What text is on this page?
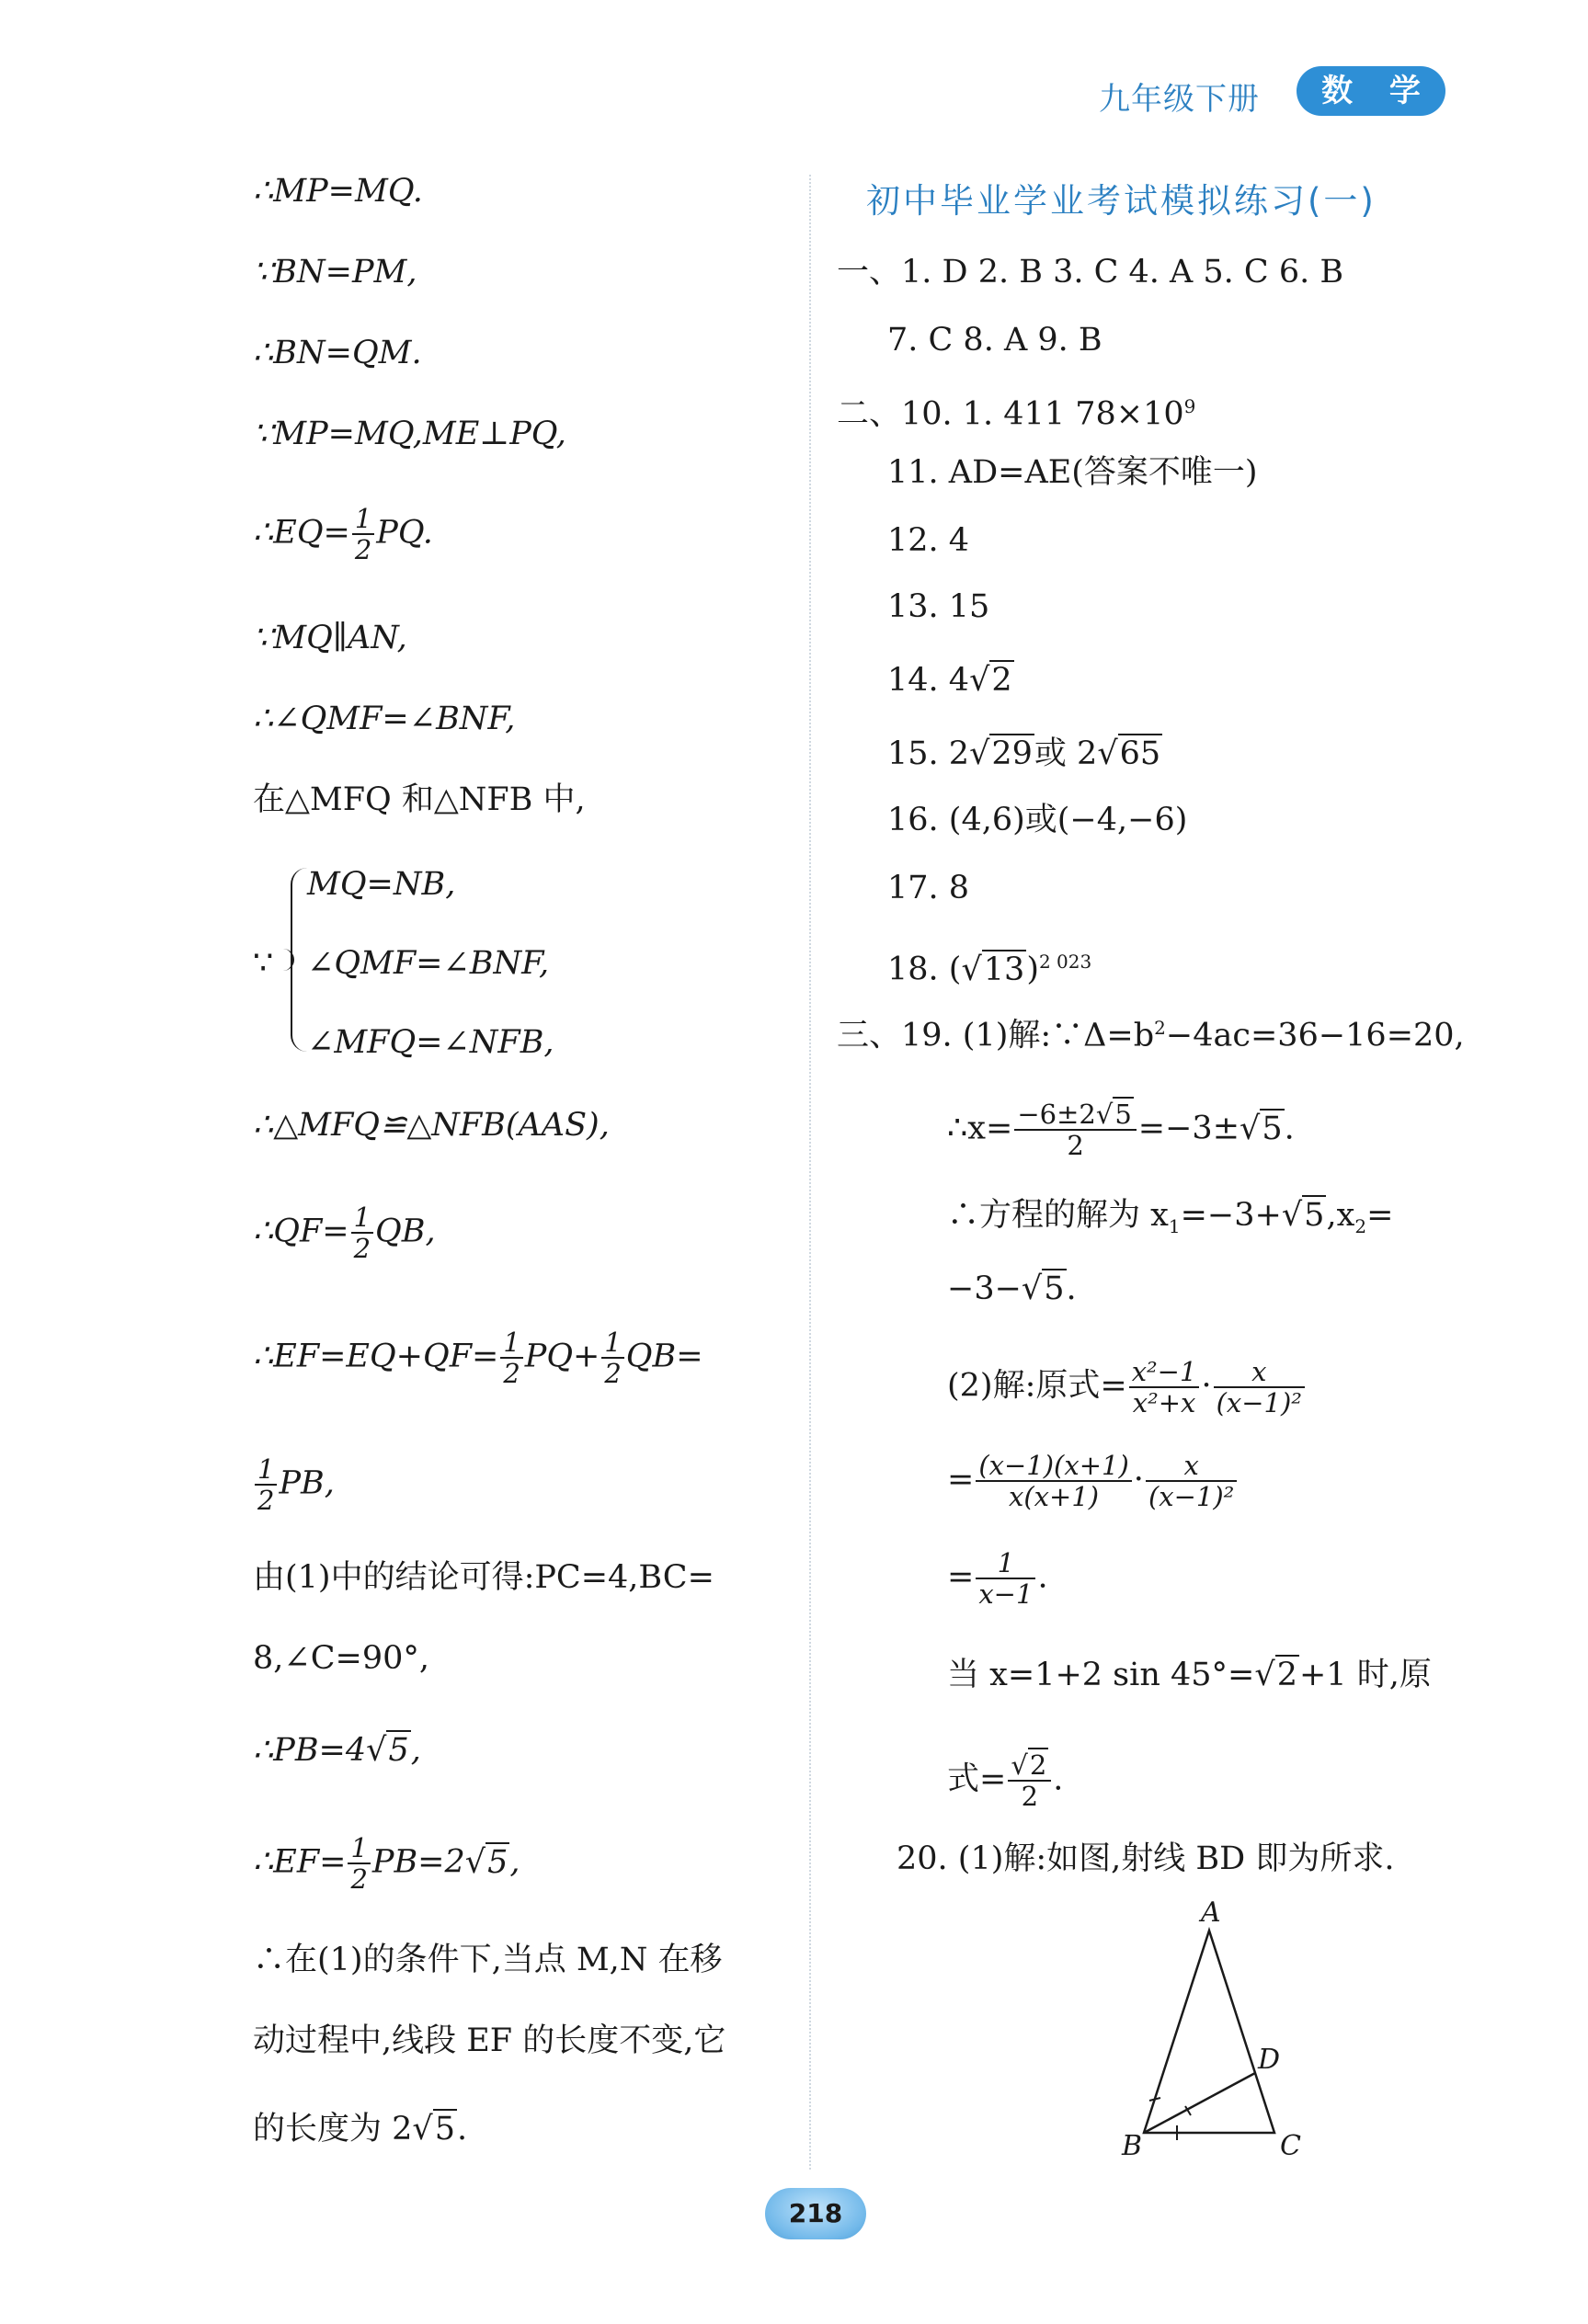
九年级下册	数 学
∴MP=MQ.
∵BN=PM,
∴BN=QM.
∵MP=MQ,ME⊥PQ,
∴EQ= $\frac{1}{2}$ PQ.
∵MQ∥AN,
∴∠QMF=∠BNF,
在△MFQ 和△NFB 中,
∵
MQ=NB,
∠QMF=∠BNF,
∠MFQ=∠NFB,
∴△MFQ≌△NFB(AAS),
∴QF= $\frac{1}{2}$ QB,
∴EF=EQ+QF= $\frac{1}{2} PQ+ \frac{1}{2} QB=$
$\frac{1}{2}$ PB,
由(1)中的结论可得:PC=4,BC=
8,∠C=90°,
∴PB=4√5,
∴EF= $\frac{1}{2} PB=2√5$,
∴在(1)的条件下,当点 M,N 在移
动过程中,线段 EF 的长度不变,它
的长度为 2√5.
初中毕业学业考试模拟练习(一)
一、1. D 2. B 3. C 4. A 5. C 6. B
7. C 8. A 9. B
二、10. 1. 411 $78\times 10^9$
11. AD=AE(答案不唯一)
12. 4
13. 15
14. 4√2
15. 2√29或 2√65
16. (4,6)或(−4,−6)
17. 8
18. $(√13)^{2 023}$
三、19. (1)解$:\because\Delta=b^2-4ac=36-16=20$,
∴x= $\frac{-6\pm 2√5}{2} =-3\pm√5$.
∴方程的解为 $x_1=-3+√5,x_2=$
−3−√5.
(2)解:原式= $\frac{\text{x²−1}}{\text{x²+x}} \cdot \frac{x}{\text{(x−1)²}}$
= $\frac{(x-1)(x+1)}{x(x+1)} \cdot \frac{x}{\text{(x−1)²}}$
= $\frac{1}{x-1}$ .
当 x=1+2 sin 45°=√2+1 时,原
式= $\frac{√2}{2}$ .
20. (1)解:如图,射线 BD 即为所求.
A
B	C
D
218
